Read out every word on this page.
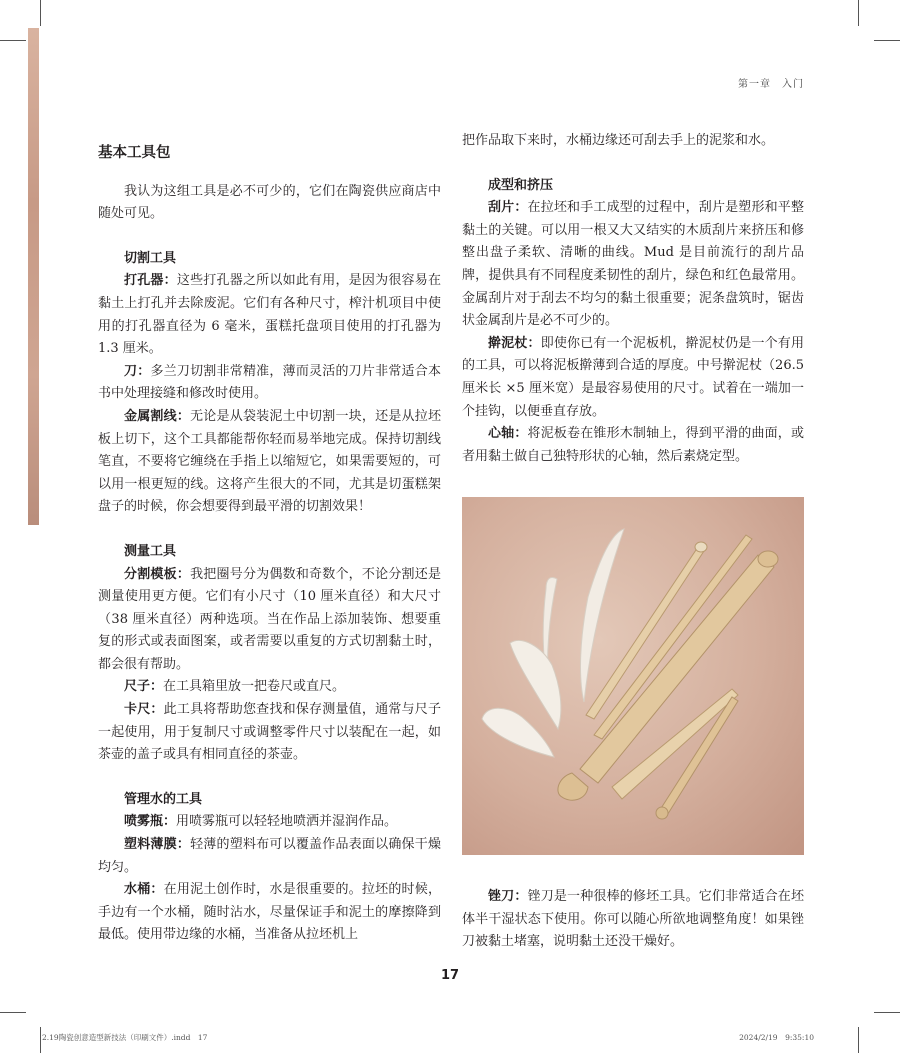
第一章　入门
基本工具包

我认为这组工具是必不可少的，它们在陶瓷供应商店中随处可见。

切割工具

打孔器：这些打孔器之所以如此有用，是因为很容易在黏土上打孔并去除废泥。它们有各种尺寸，榨汁机项目中使用的打孔器直径为 6 毫米，蛋糕托盘项目使用的打孔器为 1.3 厘米。

刀：多兰刀切割非常精准，薄而灵活的刀片非常适合本书中处理接缝和修改时使用。

金属割线：无论是从袋装泥土中切割一块，还是从拉坯板上切下，这个工具都能帮你轻而易举地完成。保持切割线笔直，不要将它缠绕在手指上以缩短它，如果需要短的，可以用一根更短的线。这将产生很大的不同，尤其是切蛋糕架盘子的时候，你会想要得到最平滑的切割效果！

测量工具

分割模板：我把圈号分为偶数和奇数个，不论分割还是测量使用更方便。它们有小尺寸（10 厘米直径）和大尺寸（38 厘米直径）两种选项。当在作品上添加装饰、想要重复的形式或表面图案，或者需要以重复的方式切割黏土时，都会很有帮助。

尺子：在工具箱里放一把卷尺或直尺。

卡尺：此工具将帮助您查找和保存测量值，通常与尺子一起使用，用于复制尺寸或调整零件尺寸以装配在一起，如茶壶的盖子或具有相同直径的茶壶。

管理水的工具

喷雾瓶：用喷雾瓶可以轻轻地喷洒并湿润作品。

塑料薄膜：轻薄的塑料布可以覆盖作品表面以确保干燥均匀。

水桶：在用泥土创作时，水是很重要的。拉坯的时候，手边有一个水桶，随时沾水，尽量保证手和泥土的摩擦降到最低。使用带边缘的水桶，当准备从拉坯机上

把作品取下来时，水桶边缘还可刮去手上的泥浆和水。

成型和挤压

刮片：在拉坯和手工成型的过程中，刮片是塑形和平整黏土的关键。可以用一根又大又结实的木质刮片来挤压和修整出盘子柔软、清晰的曲线。Mud 是目前流行的刮片品牌，提供具有不同程度柔韧性的刮片，绿色和红色最常用。金属刮片对于刮去不均匀的黏土很重要；泥条盘筑时，锯齿状金属刮片是必不可少的。

擀泥杖：即使你已有一个泥板机，擀泥杖仍是一个有用的工具，可以将泥板擀薄到合适的厚度。中号擀泥杖（26.5 厘米长 ×5 厘米宽）是最容易使用的尺寸。试着在一端加一个挂钩，以便垂直存放。

心轴：将泥板卷在锥形木制轴上，得到平滑的曲面，或者用黏土做自己独特形状的心轴，然后素烧定型。

锉刀：锉刀是一种很棒的修坯工具。它们非常适合在坯体半干湿状态下使用。你可以随心所欲地调整角度！如果锉刀被黏土堵塞，说明黏土还没干燥好。

17
2.19陶瓷创意造型新技法（印刷文件）.indd　17	2024/2/19　9:35:10
